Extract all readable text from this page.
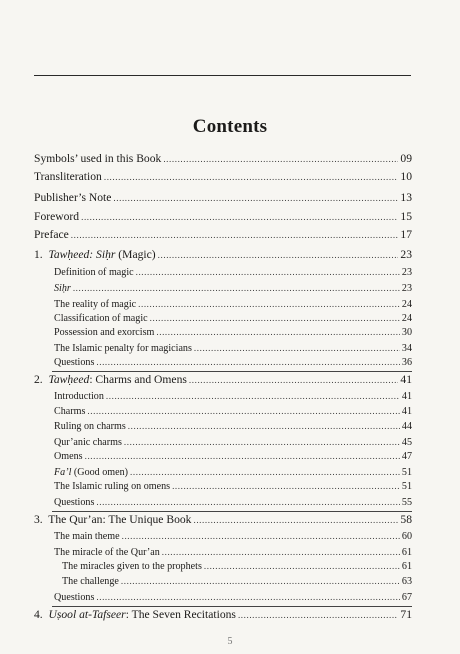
Contents
Symbols’ used in this Book .....	09
Transliteration .....	10
Publisher’s Note .....	13
Foreword .....	15
Preface .....	17
1.  Tawḥeed: Siḥr (Magic) .....	23
Definition of magic .....	23
Siḥr .....	23
The reality of magic .....	24
Classification of magic .....	24
Possession and exorcism .....	30
The Islamic penalty for magicians .....	34
Questions .....	36
2.  Tawḥeed: Charms and Omens .....	41
Introduction .....	41
Charms .....	41
Ruling on charms .....	44
Qur’anic charms .....	45
Omens .....	47
Fa’l (Good omen) .....	51
The Islamic ruling on omens .....	51
Questions .....	55
3.  The Qur’an: The Unique Book .....	58
The main theme .....	60
The miracle of the Qur’an .....	61
The miracles given to the prophets .....	61
The challenge .....	63
Questions .....	67
4.  Uṣool at-Tafseer: The Seven Recitations .....	71
5
